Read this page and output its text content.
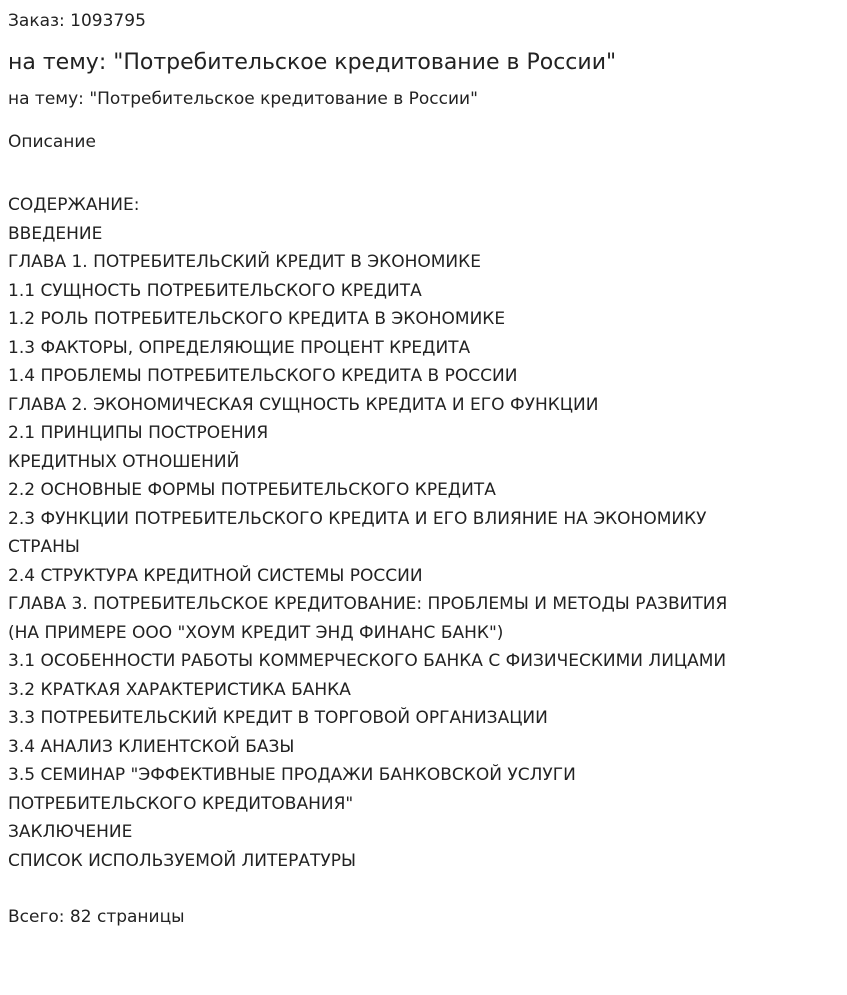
Заказ: 1093795
на тему: "Потребительское кредитование в России"
на тему: "Потребительское кредитование в России"
Описание
СОДЕРЖАНИЕ:
ВВЕДЕНИЕ
ГЛАВА 1. ПОТРЕБИТЕЛЬСКИЙ КРЕДИТ В ЭКОНОМИКЕ
1.1 СУЩНОСТЬ ПОТРЕБИТЕЛЬСКОГО КРЕДИТА
1.2 РОЛЬ ПОТРЕБИТЕЛЬСКОГО КРЕДИТА В ЭКОНОМИКЕ
1.3 ФАКТОРЫ, ОПРЕДЕЛЯЮЩИЕ ПРОЦЕНТ КРЕДИТА
1.4 ПРОБЛЕМЫ ПОТРЕБИТЕЛЬСКОГО КРЕДИТА В РОССИИ
ГЛАВА 2. ЭКОНОМИЧЕСКАЯ СУЩНОСТЬ КРЕДИТА И ЕГО ФУНКЦИИ
2.1 ПРИНЦИПЫ ПОСТРОЕНИЯ
КРЕДИТНЫХ ОТНОШЕНИЙ
2.2 ОСНОВНЫЕ ФОРМЫ ПОТРЕБИТЕЛЬСКОГО КРЕДИТА
2.3 ФУНКЦИИ ПОТРЕБИТЕЛЬСКОГО КРЕДИТА И ЕГО ВЛИЯНИЕ НА ЭКОНОМИКУ
СТРАНЫ
2.4 СТРУКТУРА КРЕДИТНОЙ СИСТЕМЫ РОССИИ
ГЛАВА 3. ПОТРЕБИТЕЛЬСКОЕ КРЕДИТОВАНИЕ: ПРОБЛЕМЫ И МЕТОДЫ РАЗВИТИЯ
(НА ПРИМЕРЕ ООО "ХОУМ КРЕДИТ ЭНД ФИНАНС БАНК")
3.1 ОСОБЕННОСТИ РАБОТЫ КОММЕРЧЕСКОГО БАНКА С ФИЗИЧЕСКИМИ ЛИЦАМИ
3.2 КРАТКАЯ ХАРАКТЕРИСТИКА БАНКА
3.3 ПОТРЕБИТЕЛЬСКИЙ КРЕДИТ В ТОРГОВОЙ ОРГАНИЗАЦИИ
3.4 АНАЛИЗ КЛИЕНТСКОЙ БАЗЫ
3.5 СЕМИНАР "ЭФФЕКТИВНЫЕ ПРОДАЖИ БАНКОВСКОЙ УСЛУГИ
ПОТРЕБИТЕЛЬСКОГО КРЕДИТОВАНИЯ"
ЗАКЛЮЧЕНИЕ
СПИСОК ИСПОЛЬЗУЕМОЙ ЛИТЕРАТУРЫ
Всего: 82 страницы
